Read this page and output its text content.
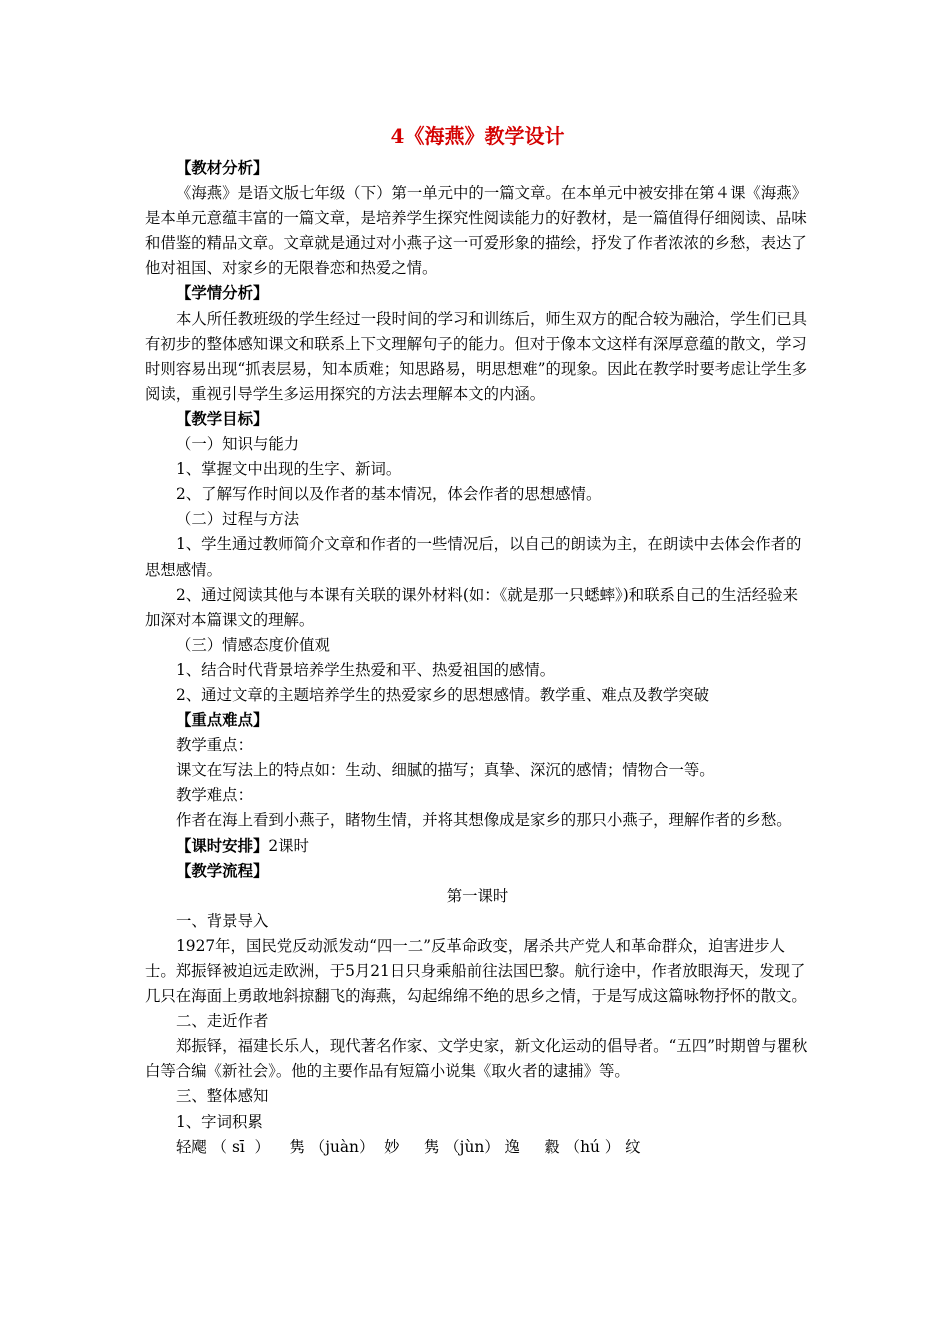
4《海燕》教学设计

【教材分析】

《海燕》是语文版七年级（下）第一单元中的一篇文章。在本单元中被安排在第４课《海燕》是本单元意蕴丰富的一篇文章，是培养学生探究性阅读能力的好教材，是一篇值得仔细阅读、品味和借鉴的精品文章。文章就是通过对小燕子这一可爱形象的描绘，抒发了作者浓浓的乡愁，表达了他对祖国、对家乡的无限眷恋和热爱之情。

【学情分析】

本人所任教班级的学生经过一段时间的学习和训练后，师生双方的配合较为融洽，学生们已具有初步的整体感知课文和联系上下文理解句子的能力。但对于像本文这样有深厚意蕴的散文，学习时则容易出现“抓表层易，知本质难；知思路易，明思想难”的现象。因此在教学时要考虑让学生多阅读，重视引导学生多运用探究的方法去理解本文的内涵。

【教学目标】

（一）知识与能力

1、掌握文中出现的生字、新词。

2、了解写作时间以及作者的基本情况，体会作者的思想感情。

（二）过程与方法

1、学生通过教师简介文章和作者的一些情况后，以自己的朗读为主，在朗读中去体会作者的思想感情。

2、通过阅读其他与本课有关联的课外材料(如：《就是那一只蟋蟀》)和联系自己的生活经验来加深对本篇课文的理解。

（三）情感态度价值观

1、结合时代背景培养学生热爱和平、热爱祖国的感情。

2、通过文章的主题培养学生的热爱家乡的思想感情。教学重、难点及教学突破

【重点难点】

教学重点：

课文在写法上的特点如：生动、细腻的描写；真挚、深沉的感情；情物合一等。

教学难点：

作者在海上看到小燕子，睹物生情，并将其想像成是家乡的那只小燕子，理解作者的乡愁。

【课时安排】2课时

【教学流程】

第一课时

一、背景导入

1927年，国民党反动派发动“四一二”反革命政变，屠杀共产党人和革命群众，迫害进步人士。郑振铎被迫远走欧洲，于5月21日只身乘船前往法国巴黎。航行途中，作者放眼海天，发现了几只在海面上勇敢地斜掠翻飞的海燕，勾起绵绵不绝的思乡之情，于是写成这篇咏物抒怀的散文。

二、走近作者

郑振铎，福建长乐人，现代著名作家、文学史家，新文化运动的倡导者。“五四”时期曾与瞿秋白等合编《新社会》。他的主要作品有短篇小说集《取火者的逮捕》等。

三、整体感知

1、字词积累

轻飔 （ sī  ）    隽 （juàn）  妙     隽 （jùn） 逸     縠 （hú ） 纹
